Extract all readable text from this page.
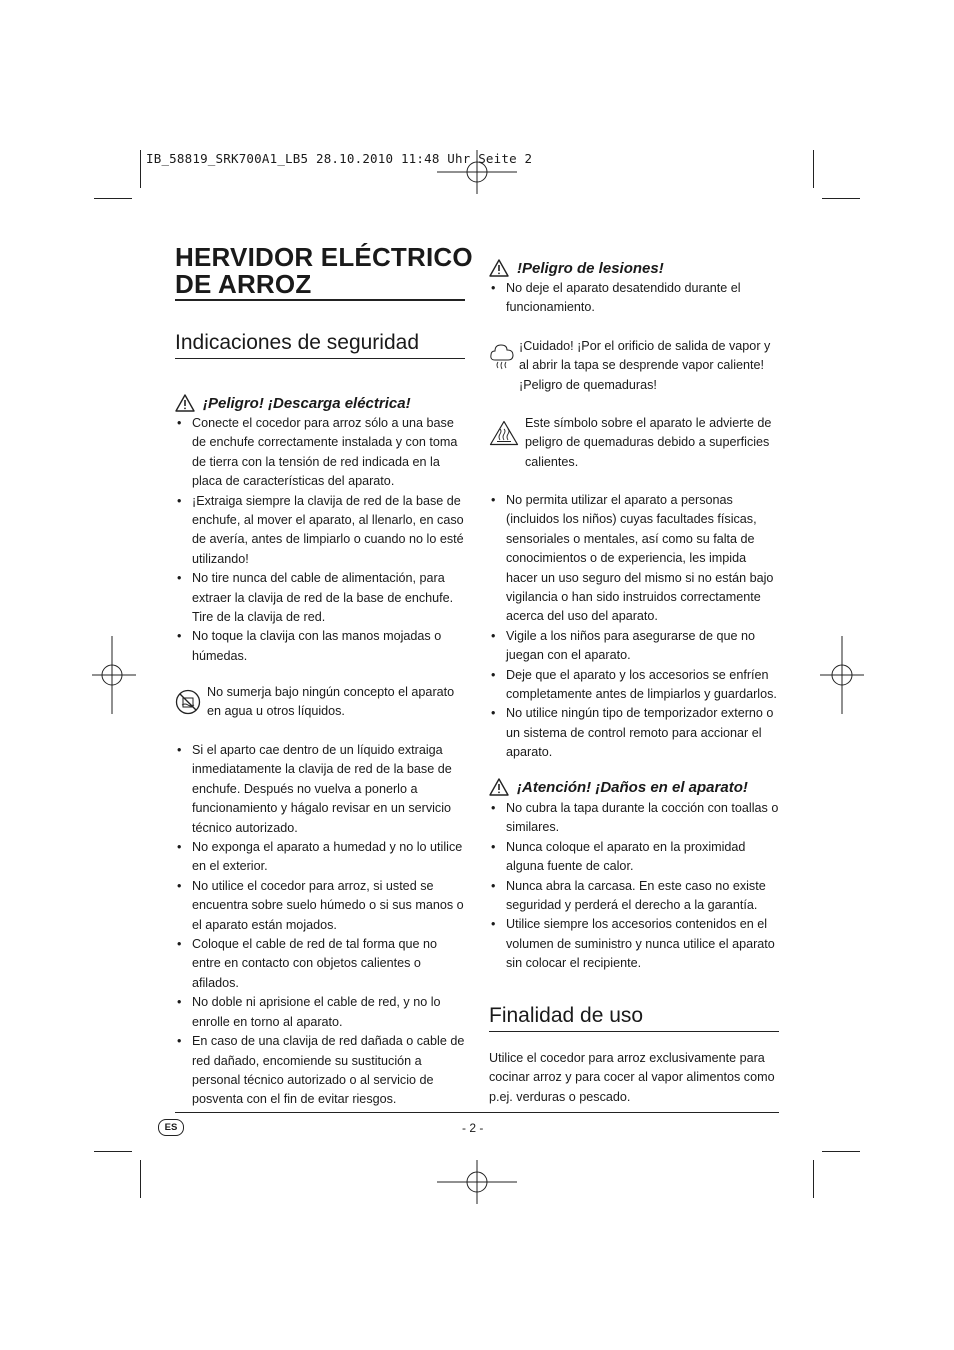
IB_58819_SRK700A1_LB5 28.10.2010 11:48 Uhr Seite 2
HERVIDOR ELÉCTRICO
DE ARROZ
Indicaciones de seguridad
¡Peligro! ¡Descarga eléctrica!
• Conecte el cocedor para arroz sólo a una base de enchufe correctamente instalada y con toma de tierra con la tensión de red indicada en la placa de características del aparato.
• ¡Extraiga siempre la clavija de red de la base de enchufe, al mover el aparato, al llenarlo, en caso de avería, antes de limpiarlo o cuando no lo esté utilizando!
• No tire nunca del cable de alimentación, para extraer la clavija de red de la base de enchufe. Tire de la clavija de red.
• No toque la clavija con las manos mojadas o húmedas.
No sumerja bajo ningún concepto el aparato en agua u otros líquidos.
• Si el aparto cae dentro de un líquido extraiga inmediatamente la clavija de red de la base de enchufe. Después no vuelva a ponerlo a funcionamiento y hágalo revisar en un servicio técnico autorizado.
• No exponga el aparato a humedad y no lo utilice en el exterior.
• No utilice el cocedor para arroz, si usted se encuentra sobre suelo húmedo o si sus manos o el aparato están mojados.
• Coloque el cable de red de tal forma que no entre en contacto con objetos calientes o afilados.
• No doble ni aprisione el cable de red, y no lo enrolle en torno al aparato.
• En caso de una clavija de red dañada o cable de red dañado, encomiende su sustitución a personal técnico autorizado o al servicio de posventa con el fin de evitar riesgos.
!Peligro de lesiones!
• No deje el aparato desatendido durante el funcionamiento.
¡Cuidado! ¡Por el orificio de salida de vapor y al abrir la tapa se desprende vapor caliente! ¡Peligro de quemaduras!
Este símbolo sobre el aparato le advierte de peligro de quemaduras debido a superficies calientes.
• No permita utilizar el aparato a personas (incluidos los niños) cuyas facultades físicas, sensoriales o mentales, así como su falta de conocimientos o de experiencia, les impida hacer un uso seguro del mismo si no están bajo vigilancia o han sido instruidos correctamente acerca del uso del aparato.
• Vigile a los niños para asegurarse de que no juegan con el aparato.
• Deje que el aparato y los accesorios se enfríen completamente antes de limpiarlos y guardarlos.
• No utilice ningún tipo de temporizador externo o un sistema de control remoto para accionar el aparato.
¡Atención! ¡Daños en el aparato!
• No cubra la tapa durante la cocción con toallas o similares.
• Nunca coloque el aparato en la proximidad alguna fuente de calor.
• Nunca abra la carcasa. En este caso no existe seguridad y perderá el derecho a la garantía.
• Utilice siempre los accesorios contenidos en el volumen de suministro y nunca utilice el aparato sin colocar el recipiente.
Finalidad de uso
Utilice el cocedor para arroz exclusivamente para cocinar arroz y para cocer al vapor alimentos como p.ej. verduras o pescado.
ES	- 2 -
